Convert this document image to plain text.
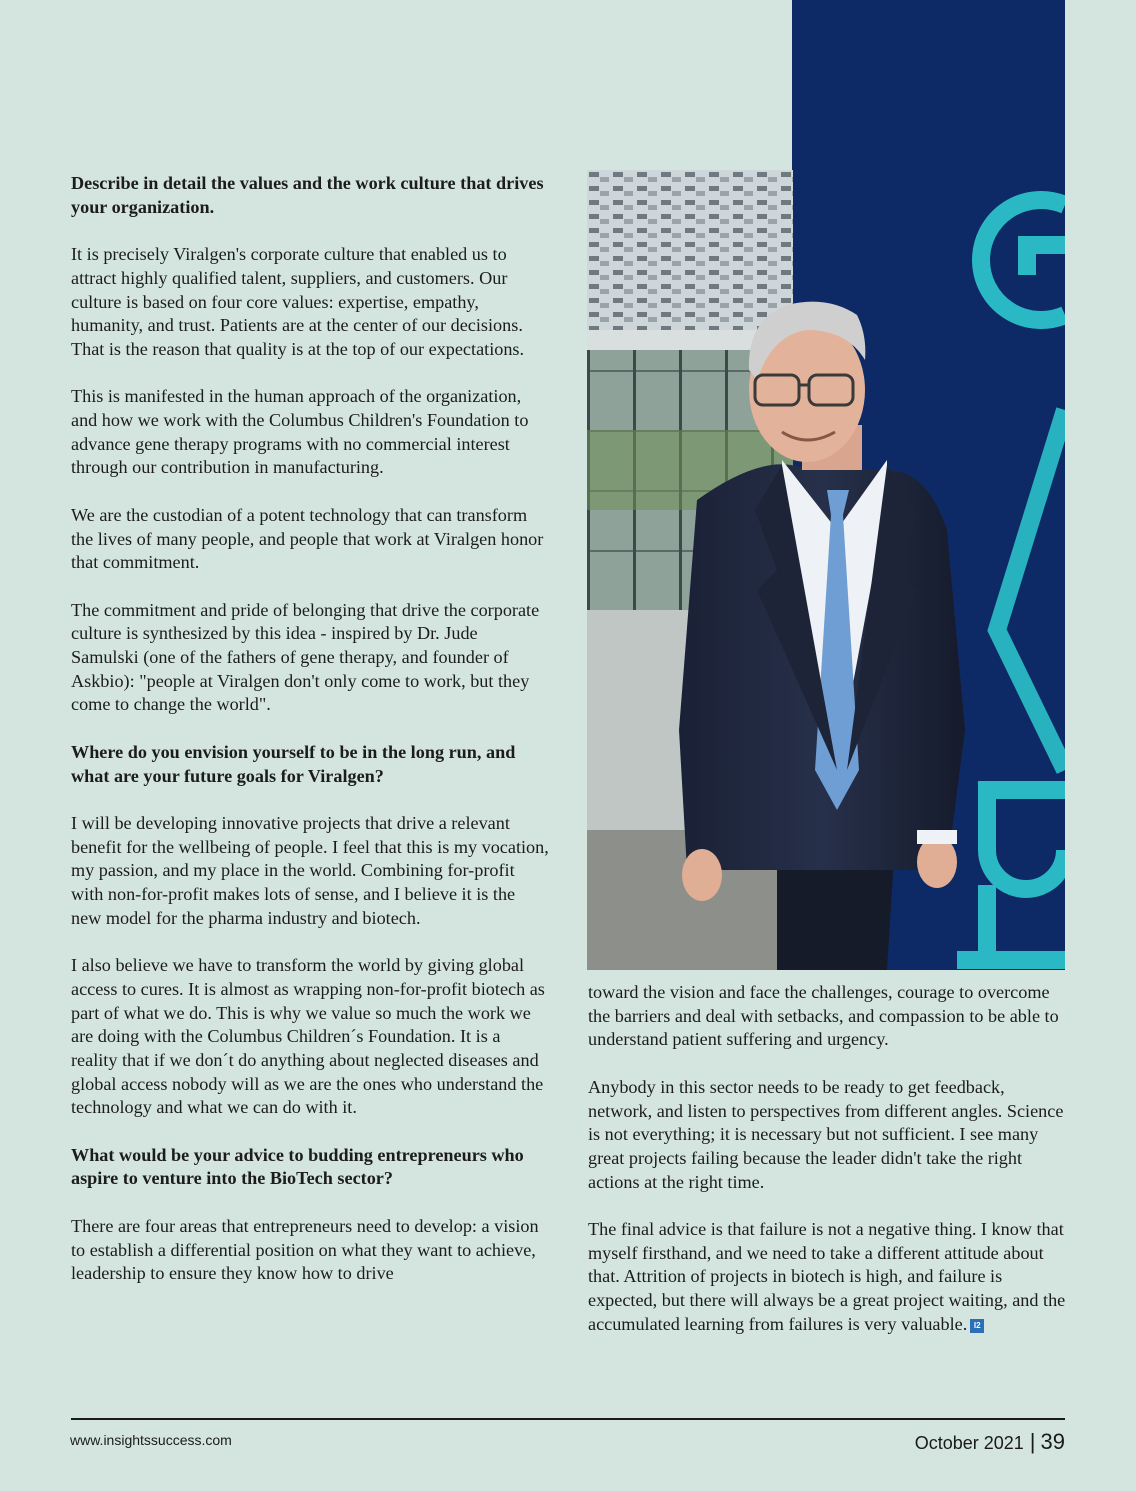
Describe in detail the values and the work culture that drives your organization.

It is precisely Viralgen's corporate culture that enabled us to attract highly qualified talent, suppliers, and customers. Our culture is based on four core values: expertise, empathy, humanity, and trust. Patients are at the center of our decisions. That is the reason that quality is at the top of our expectations.

This is manifested in the human approach of the organization, and how we work with the Columbus Children's Foundation to advance gene therapy programs with no commercial interest through our contribution in manufacturing.

We are the custodian of a potent technology that can transform the lives of many people, and people that work at Viralgen honor that commitment.

The commitment and pride of belonging that drive the corporate culture is synthesized by this idea - inspired by Dr. Jude Samulski (one of the fathers of gene therapy, and founder of Askbio): "people at Viralgen don't only come to work, but they come to change the world".

Where do you envision yourself to be in the long run, and what are your future goals for Viralgen?

I will be developing innovative projects that drive a relevant benefit for the wellbeing of people. I feel that this is my vocation, my passion, and my place in the world. Combining for-profit with non-for-profit makes lots of sense, and I believe it is the new model for the pharma industry and biotech.

I also believe we have to transform the world by giving global access to cures. It is almost as wrapping non-for-profit biotech as part of what we do. This is why we value so much the work we are doing with the Columbus Children´s Foundation. It is a reality that if we don´t do anything about neglected diseases and global access nobody will as we are the ones who understand the technology and what we can do with it.

What would be your advice to budding entrepreneurs who aspire to venture into the BioTech sector?

There are four areas that entrepreneurs need to develop: a vision to establish a differential position on what they want to achieve, leadership to ensure they know how to drive

toward the vision and face the challenges, courage to overcome the barriers and deal with setbacks, and compassion to be able to understand patient suffering and urgency.

Anybody in this sector needs to be ready to get feedback, network, and listen to perspectives from different angles. Science is not everything; it is necessary but not sufficient. I see many great projects failing because the leader didn't take the right actions at the right time.

The final advice is that failure is not a negative thing. I know that myself firsthand, and we need to take a different attitude about that. Attrition of projects in biotech is high, and failure is expected, but there will always be a great project waiting, and the accumulated learning from failures is very valuable. I2

www.insightssuccess.com	October 2021 | 39
